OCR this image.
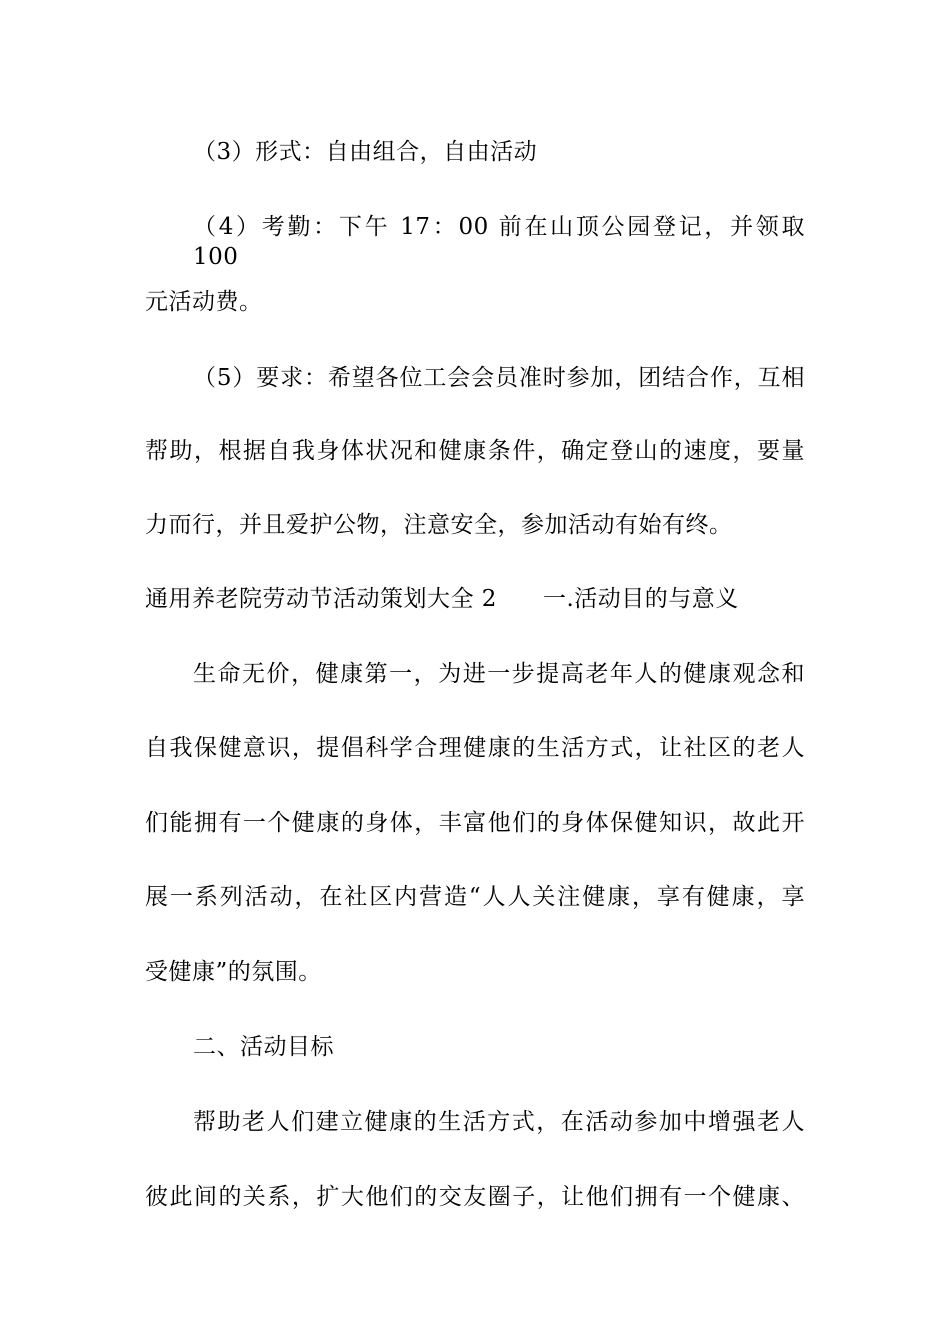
（3）形式：自由组合，自由活动
（4）考勤：下午 17：00 前在山顶公园登记，并领取 100
元活动费。
（5）要求：希望各位工会会员准时参加，团结合作，互相
帮助，根据自我身体状况和健康条件，确定登山的速度，要量
力而行，并且爱护公物，注意安全，参加活动有始有终。
通用养老院劳动节活动策划大全 2 一.活动目的与意义
生命无价，健康第一，为进一步提高老年人的健康观念和
自我保健意识，提倡科学合理健康的生活方式，让社区的老人
们能拥有一个健康的身体，丰富他们的身体保健知识，故此开
展一系列活动，在社区内营造“人人关注健康，享有健康，享
受健康”的氛围。
二、活动目标
帮助老人们建立健康的生活方式，在活动参加中增强老人
彼此间的关系，扩大他们的交友圈子，让他们拥有一个健康、
